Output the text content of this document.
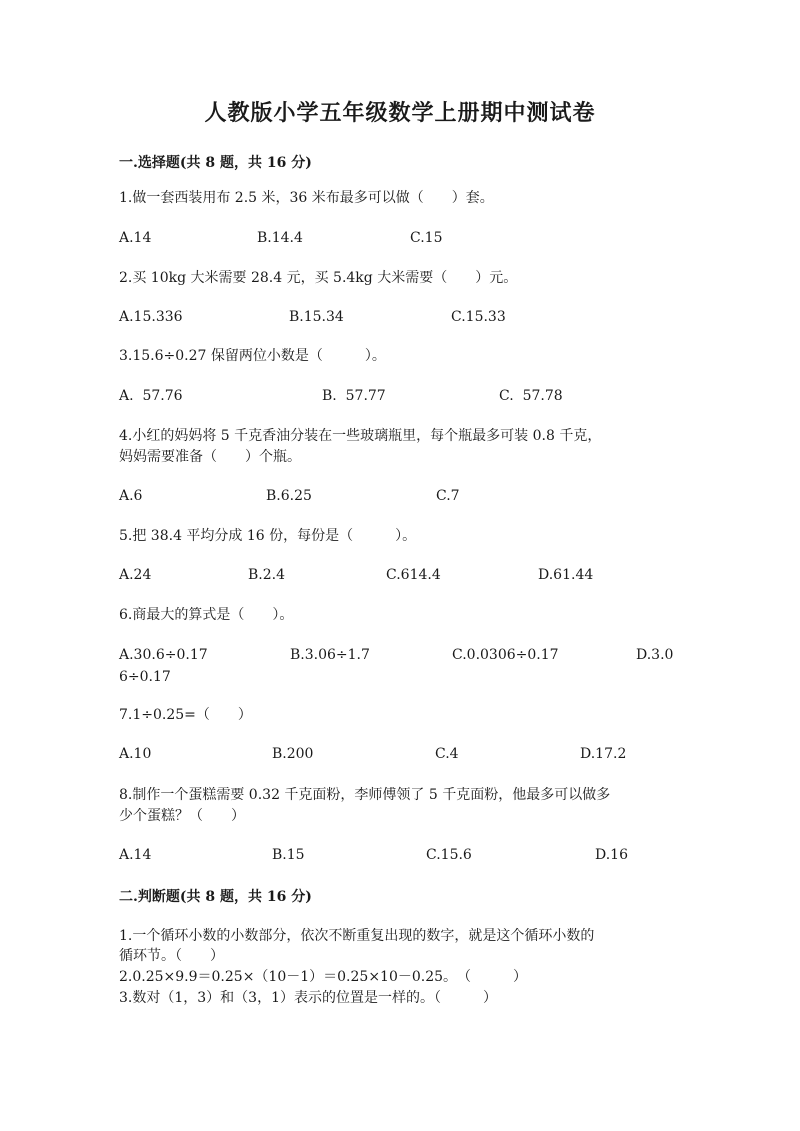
人教版小学五年级数学上册期中测试卷
一.选择题(共 8 题，共 16 分)
1.做一套西装用布 2.5 米，36 米布最多可以做（　　）套。
A.14	B.14.4	C.15
2.买 10kg 大米需要 28.4 元，买 5.4kg 大米需要（　　）元。
A.15.336	B.15.34	C.15.33
3.15.6÷0.27 保留两位小数是（　　　）。
A.  57.76	B.  57.77	C.  57.78
4.小红的妈妈将 5 千克香油分装在一些玻璃瓶里，每个瓶最多可装 0.8 千克，
妈妈需要准备（　　）个瓶。
A.6	B.6.25	C.7
5.把 38.4 平均分成 16 份，每份是（　　　）。
A.24	B.2.4	C.614.4	D.61.44
6.商最大的算式是（　　）。
A.30.6÷0.17	B.3.06÷1.7	C.0.0306÷0.17	D.3.0
6÷0.17
7.1÷0.25=（　　）
A.10	B.200	C.4	D.17.2
8.制作一个蛋糕需要 0.32 千克面粉，李师傅领了 5 千克面粉，他最多可以做多
少个蛋糕？（　　）
A.14	B.15	C.15.6	D.16
二.判断题(共 8 题，共 16 分)
1.一个循环小数的小数部分，依次不断重复出现的数字，就是这个循环小数的
循环节。（　　）
2.0.25×9.9＝0.25×（10－1）＝0.25×10－0.25。　（　　　）
3.数对（1，3）和（3，1）表示的位置是一样的。（　　　）
